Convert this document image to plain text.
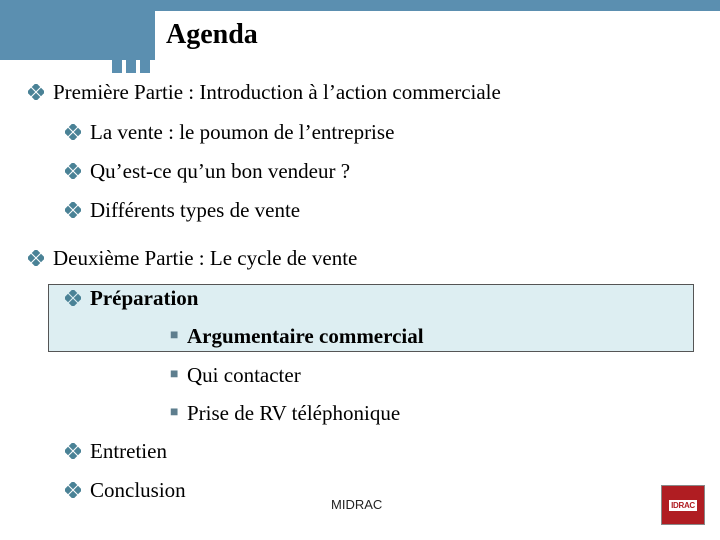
Agenda
Première Partie : Introduction à l’action commerciale
La vente : le poumon de l’entreprise
Qu’est-ce qu’un bon vendeur ?
Différents types de vente
Deuxième Partie : Le cycle de vente
Préparation
■ Argumentaire commercial
■ Qui contacter
■ Prise de RV téléphonique
Entretien
Conclusion
MIDRAC	IDRAC
